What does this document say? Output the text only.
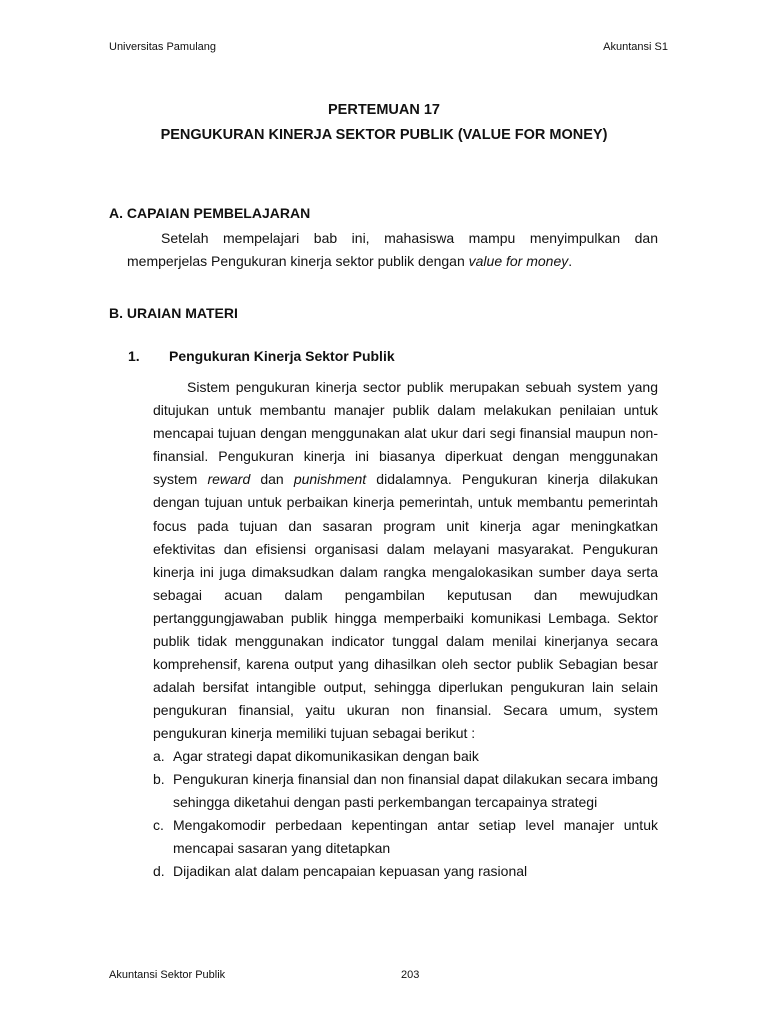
Universitas Pamulang	Akuntansi S1
PERTEMUAN 17
PENGUKURAN KINERJA SEKTOR PUBLIK (VALUE FOR MONEY)
A. CAPAIAN PEMBELAJARAN

Setelah mempelajari bab ini, mahasiswa mampu menyimpulkan dan memperjelas Pengukuran kinerja sektor publik dengan value for money.

B. URAIAN MATERI
1. Pengukuran Kinerja Sektor Publik

Sistem pengukuran kinerja sector publik merupakan sebuah system yang ditujukan untuk membantu manajer publik dalam melakukan penilaian untuk mencapai tujuan dengan menggunakan alat ukur dari segi finansial maupun non-finansial. Pengukuran kinerja ini biasanya diperkuat dengan menggunakan system reward dan punishment didalamnya. Pengukuran kinerja dilakukan dengan tujuan untuk perbaikan kinerja pemerintah, untuk membantu pemerintah focus pada tujuan dan sasaran program unit kinerja agar meningkatkan efektivitas dan efisiensi organisasi dalam melayani masyarakat. Pengukuran kinerja ini juga dimaksudkan dalam rangka mengalokasikan sumber daya serta sebagai acuan dalam pengambilan keputusan dan mewujudkan pertanggungjawaban publik hingga memperbaiki komunikasi Lembaga. Sektor publik tidak menggunakan indicator tunggal dalam menilai kinerjanya secara komprehensif, karena output yang dihasilkan oleh sector publik Sebagian besar adalah bersifat intangible output, sehingga diperlukan pengukuran lain selain pengukuran finansial, yaitu ukuran non finansial. Secara umum, system pengukuran kinerja memiliki tujuan sebagai berikut :

a. Agar strategi dapat dikomunikasikan dengan baik
b. Pengukuran kinerja finansial dan non finansial dapat dilakukan secara imbang sehingga diketahui dengan pasti perkembangan tercapainya strategi
c. Mengakomodir perbedaan kepentingan antar setiap level manajer untuk mencapai sasaran yang ditetapkan
d. Dijadikan alat dalam pencapaian kepuasan yang rasional
Akuntansi Sektor Publik	203
